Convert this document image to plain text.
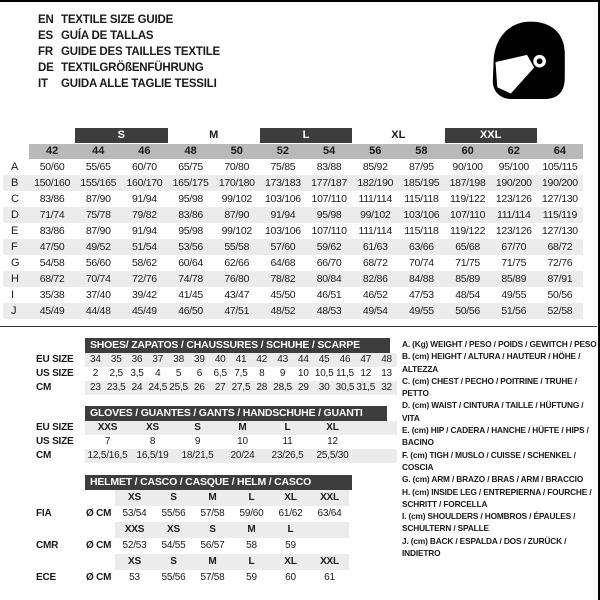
EN TEXTILE SIZE GUIDE
ES GUÍA DE TALLAS
FR GUIDE DES TAILLES TEXTILE
DE TEXTILGRÖßENFÜHRUNG
IT	GUIDA ALLE TAGLIE TESSILI
S	M	L	XL	XXL
42	44	46	48	50	52	54	56	58	60	62	64
A	50/60	55/65	60/70	65/75	70/80	75/85	83/88	85/92	87/95	90/100	95/100	105/115
B	150/160 155/165 160/170 165/175 170/180 173/183 177/187 182/190 185/195 187/198 190/200 190/200
C	83/86	87/90	91/94	95/98	99/102	103/106	107/110	111/114	115/118	119/122	123/126 127/130
D	71/74	75/78	79/82	83/86	87/90	91/94	95/98	99/102	103/106	107/110	111/114	115/119
E	83/86	87/90	91/94	95/98	99/102	103/106	107/110	111/114	115/118	119/122	123/126 127/130
F	47/50	49/52	51/54	53/56	55/58	57/60	59/62	61/63	63/66	65/68	67/70	68/72
G	54/58	56/60	58/62	60/64	62/66	64/68	66/70	68/72	70/74	71/75	71/75	72/76
H	68/72	70/74	72/76	74/78	76/80	78/82	80/84	82/86	84/88	85/89	85/89	87/91
I	35/38	37/40	39/42	41/45	43/47	45/50	46/51	46/52	47/53	48/54	49/55	50/56
J	45/49	44/48	45/49	46/50	47/51	48/52	48/53	49/54	49/55	50/56	51/56	52/58
SHOES/ ZAPATOS / CHAUSSURES / SCHUHE / SCARPE
EU SIZE	34	35	36	37	38	39	40	41	42	43	44	45	46	47	48
US SIZE	2	2,5 3,5	4	5	6	6,5 7,5	8	9	10 10,5 11,5 12	13
CM	23 23,5 24 24,5 25,5 26	27 27,5 28 28,5 29	30 30,5 31,5 32
GLOVES / GUANTES / GANTS / HANDSCHUHE / GUANTI
EU SIZE	XXS	XS	S	M	L	XL
US SIZE	7	8	9	10	11	12
CM	12,5/16,5 16,5/19	18/21,5	20/24	23/26,5	25,5/30
HELMET / CASCO / CASQUE / HELM / CASCO
XS	S	M	L	XL	XXL
FIA	Ø CM	53/54	55/56	57/58	59/60	61/62	63/64
XXS	XS	S	M	L
CMR	Ø CM	52/53	54/55	56/57	58	59
XS	S	M	L	XL	XXL
ECE	Ø CM	53	55/56	57/58	59	60	61
A. (Kg) WEIGHT / PESO / POIDS / GEWITCH / PESO
B. (cm) HEIGHT / ALTURA / HAUTEUR / HÖHE / ALTEZZA
C. (cm) CHEST / PECHO / POITRINE / TRUHE / PETTO
D. (cm) WAIST / CINTURA / TAILLE / HÜFTUNG / VITA
E. (cm) HIP / CADERA / HANCHE / HÜFTE / HIPS / BACINO
F. (cm) TIGH / MUSLO / CUISSE / SCHENKEL / COSCIA
G. (cm) ARM / BRAZO / BRAS / ARM / BRACCIO
H. (cm) INSIDE LEG / ENTREPIERNA / FOURCHE / SCHRITT / FORCELLA
I. (cm) SHOULDERS / HOMBROS / ÉPAULES / SCHULTERN / SPALLE
J. (cm) BACK / ESPALDA / DOS / ZURÜCK / INDIETRO
